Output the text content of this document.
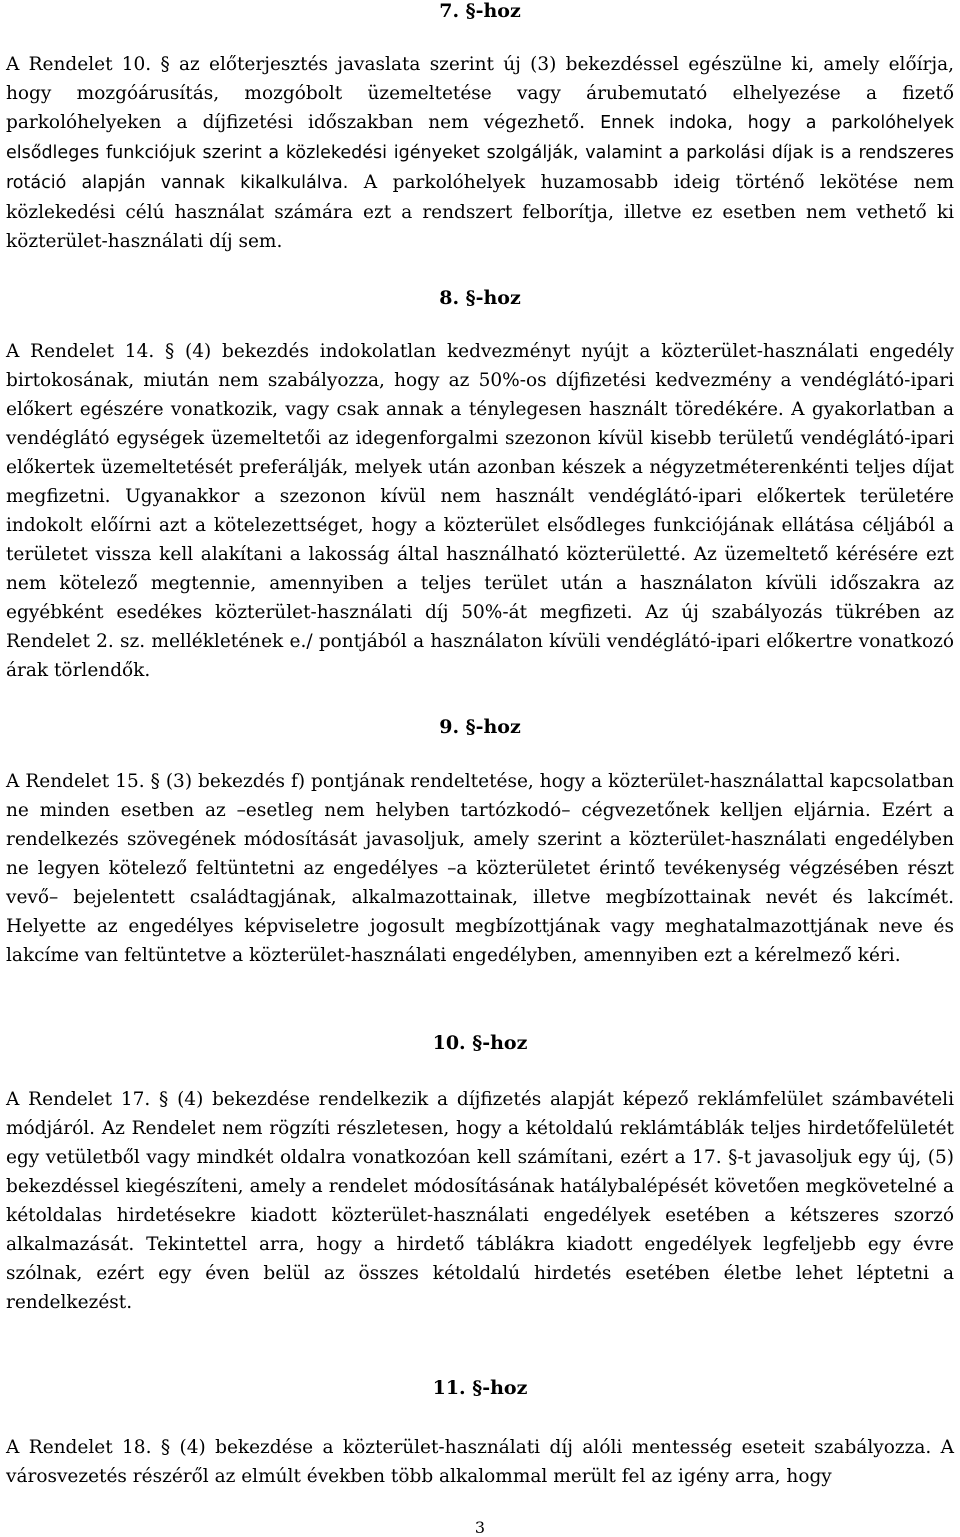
7. §-hoz

A Rendelet 10. § az előterjesztés javaslata szerint új (3) bekezdéssel egészülne ki, amely előírja, hogy mozgóárusítás, mozgóbolt üzemeltetése vagy árubemutató elhelyezése a fizető parkolóhelyeken a díjfizetési időszakban nem végezhető. Ennek indoka, hogy a parkolóhelyek elsődleges funkciójuk szerint a közlekedési igényeket szolgálják, valamint a parkolási díjak is a rendszeres rotáció alapján vannak kikalkulálva. A parkolóhelyek huzamosabb ideig történő lekötése nem közlekedési célú használat számára ezt a rendszert felborítja, illetve ez esetben nem vethető ki közterület-használati díj sem.

8. §-hoz

A Rendelet 14. § (4) bekezdés indokolatlan kedvezményt nyújt a közterület-használati engedély birtokosának, miután nem szabályozza, hogy az 50%-os díjfizetési kedvezmény a vendéglátó-ipari előkert egészére vonatkozik, vagy csak annak a ténylegesen használt töredékére. A gyakorlatban a vendéglátó egységek üzemeltetői az idegenforgalmi szezonon kívül kisebb területű vendéglátó-ipari előkertek üzemeltetését preferálják, melyek után azonban készek a négyzetméterenkénti teljes díjat megfizetni. Ugyanakkor a szezonon kívül nem használt vendéglátó-ipari előkertek területére indokolt előírni azt a kötelezettséget, hogy a közterület elsődleges funkciójának ellátása céljából a területet vissza kell alakítani a lakosság által használható közterületté. Az üzemeltető kérésére ezt nem kötelező megtennie, amennyiben a teljes terület után a használaton kívüli időszakra az egyébként esedékes közterület-használati díj 50%-át megfizeti. Az új szabályozás tükrében az Rendelet 2. sz. mellékletének e./ pontjából a használaton kívüli vendéglátó-ipari előkertre vonatkozó árak törlendők.

9. §-hoz

A Rendelet 15. § (3) bekezdés f) pontjának rendeltetése, hogy a közterület-használattal kapcsolatban ne minden esetben az –esetleg nem helyben tartózkodó– cégvezetőnek kelljen eljárnia. Ezért a rendelkezés szövegének módosítását javasoljuk, amely szerint a közterület-használati engedélyben ne legyen kötelező feltüntetni az engedélyes –a közterületet érintő tevékenység végzésében részt vevő– bejelentett családtagjának, alkalmazottainak, illetve megbízottainak nevét és lakcímét. Helyette az engedélyes képviseletre jogosult megbízottjának vagy meghatalmazottjának neve és lakcíme van feltüntetve a közterület-használati engedélyben, amennyiben ezt a kérelmező kéri.

10. §-hoz

A Rendelet 17. § (4) bekezdése rendelkezik a díjfizetés alapját képező reklámfelület számbavételi módjáról. Az Rendelet nem rögzíti részletesen, hogy a kétoldalú reklámtáblák teljes hirdetőfelületét egy vetületből vagy mindkét oldalra vonatkozóan kell számítani, ezért a 17. §-t javasoljuk egy új, (5) bekezdéssel kiegészíteni, amely a rendelet módosításának hatálybalépését követően megkövetelné a kétoldalas hirdetésekre kiadott közterület-használati engedélyek esetében a kétszeres szorzó alkalmazását. Tekintettel arra, hogy a hirdető táblákra kiadott engedélyek legfeljebb egy évre szólnak, ezért egy éven belül az összes kétoldalú hirdetés esetében életbe lehet léptetni a rendelkezést.

11. §-hoz

A Rendelet 18. § (4) bekezdése a közterület-használati díj alóli mentesség eseteit szabályozza. A városvezetés részéről az elmúlt években több alkalommal merült fel az igény arra, hogy

3
